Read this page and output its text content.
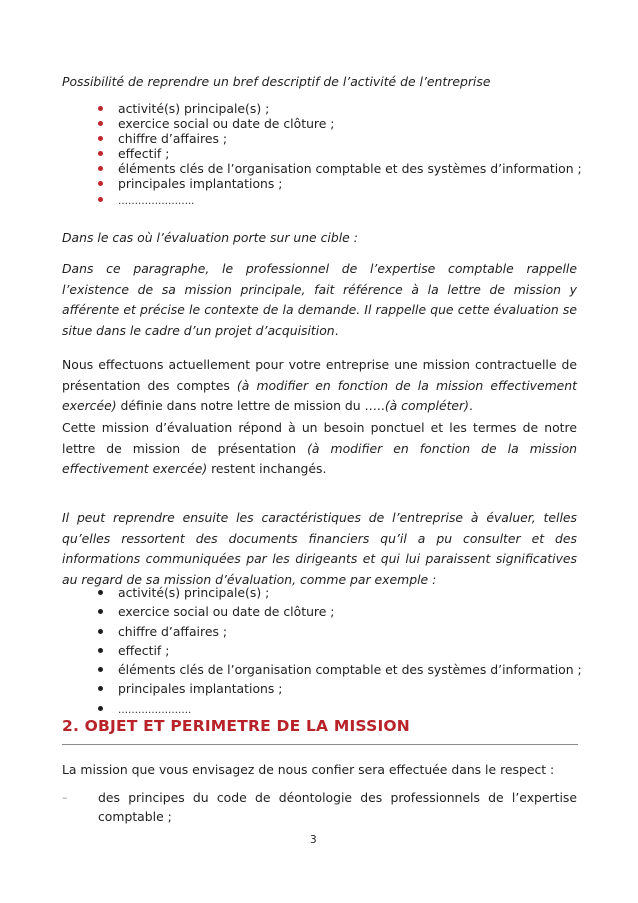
Possibilité de reprendre un bref descriptif de l’activité de l’entreprise

activité(s) principale(s) ;
exercice social ou date de clôture ;
chiffre d’affaires ;
effectif ;
éléments clés de l’organisation comptable et des systèmes d’information ;
principales implantations ;
…………………..

Dans le cas où l’évaluation porte sur une cible :

Dans ce paragraphe, le professionnel de l’expertise comptable rappelle l’existence de sa mission principale, fait référence à la lettre de mission y afférente et précise le contexte de la demande. Il rappelle que cette évaluation se situe dans le cadre d’un projet d’acquisition.

Nous effectuons actuellement pour votre entreprise une mission contractuelle de présentation des comptes (à modifier en fonction de la mission effectivement exercée) définie dans notre lettre de mission du …..(à compléter).

Cette mission d’évaluation répond à un besoin ponctuel et les termes de notre lettre de mission de présentation (à modifier en fonction de la mission effectivement exercée) restent inchangés.

Il peut reprendre ensuite les caractéristiques de l’entreprise à évaluer, telles qu’elles ressortent des documents financiers qu’il a pu consulter et des informations communiquées par les dirigeants et qui lui paraissent significatives au regard de sa mission d’évaluation, comme par exemple :

activité(s) principale(s) ;
exercice social ou date de clôture ;
chiffre d’affaires ;
effectif ;
éléments clés de l’organisation comptable et des systèmes d’information ;
principales implantations ;
………………….
2. OBJET ET PERIMETRE DE LA MISSION

La mission que vous envisagez de nous confier sera effectuée dans le respect :

–	des principes du code de déontologie des professionnels de l’expertise comptable ;
3
